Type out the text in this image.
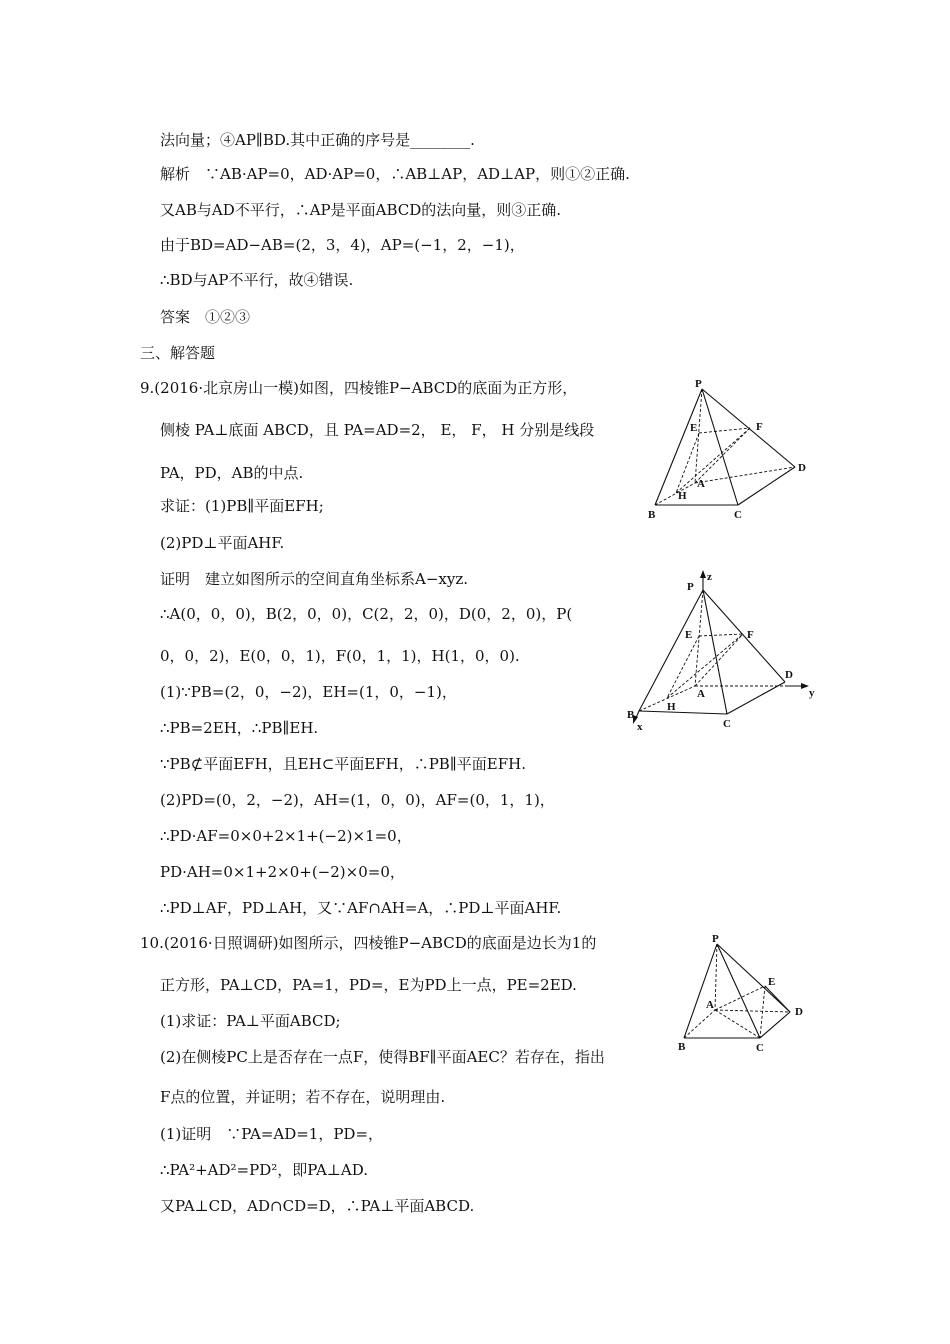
法向量；④AP∥BD.其中正确的序号是________.
解析　∵AB·AP=0，AD·AP=0，∴AB⊥AP，AD⊥AP，则①②正确.
又AB与AD不平行，∴AP是平面ABCD的法向量，则③正确.
由于BD=AD−AB=(2，3，4)，AP=(−1，2，−1)，
∴BD与AP不平行，故④错误.
答案　①②③
三、解答题
9.(2016·北京房山一模)如图，四棱锥P−ABCD的底面为正方形，
侧棱 PA⊥底面 ABCD，且 PA=AD=2， E， F， H 分别是线段
PA，PD，AB的中点.
求证：(1)PB∥平面EFH;
(2)PD⊥平面AHF.
证明　建立如图所示的空间直角坐标系A−xyz.
∴A(0，0，0)，B(2，0，0)，C(2，2，0)，D(0，2，0)，P(
0，0，2)，E(0，0，1)，F(0，1，1)，H(1，0，0).
(1)∵PB=(2，0，−2)，EH=(1，0，−1)，
∴PB=2EH，∴PB∥EH.
∵PB⊄平面EFH，且EH⊂平面EFH，∴PB∥平面EFH.
(2)PD=(0，2，−2)，AH=(1，0，0)，AF=(0，1，1)，
∴PD·AF=0×0+2×1+(−2)×1=0，
PD·AH=0×1+2×0+(−2)×0=0，
∴PD⊥AF，PD⊥AH，又∵AF∩AH=A，∴PD⊥平面AHF.
10.(2016·日照调研)如图所示，四棱锥P−ABCD的底面是边长为1的
正方形，PA⊥CD，PA=1，PD=，E为PD上一点，PE=2ED.
(1)求证：PA⊥平面ABCD;
(2)在侧棱PC上是否存在一点F，使得BF∥平面AEC？若存在，指出
F点的位置，并证明；若不存在，说明理由.
(1)证明　∵PA=AD=1，PD=，
∴PA²+AD²=PD²，即PA⊥AD.
又PA⊥CD，AD∩CD=D，∴PA⊥平面ABCD.
P
E	F
D
A
H
B	C
z
P
E	F
D
y
A
H
B
C
x
P
E
A
D
B	C
